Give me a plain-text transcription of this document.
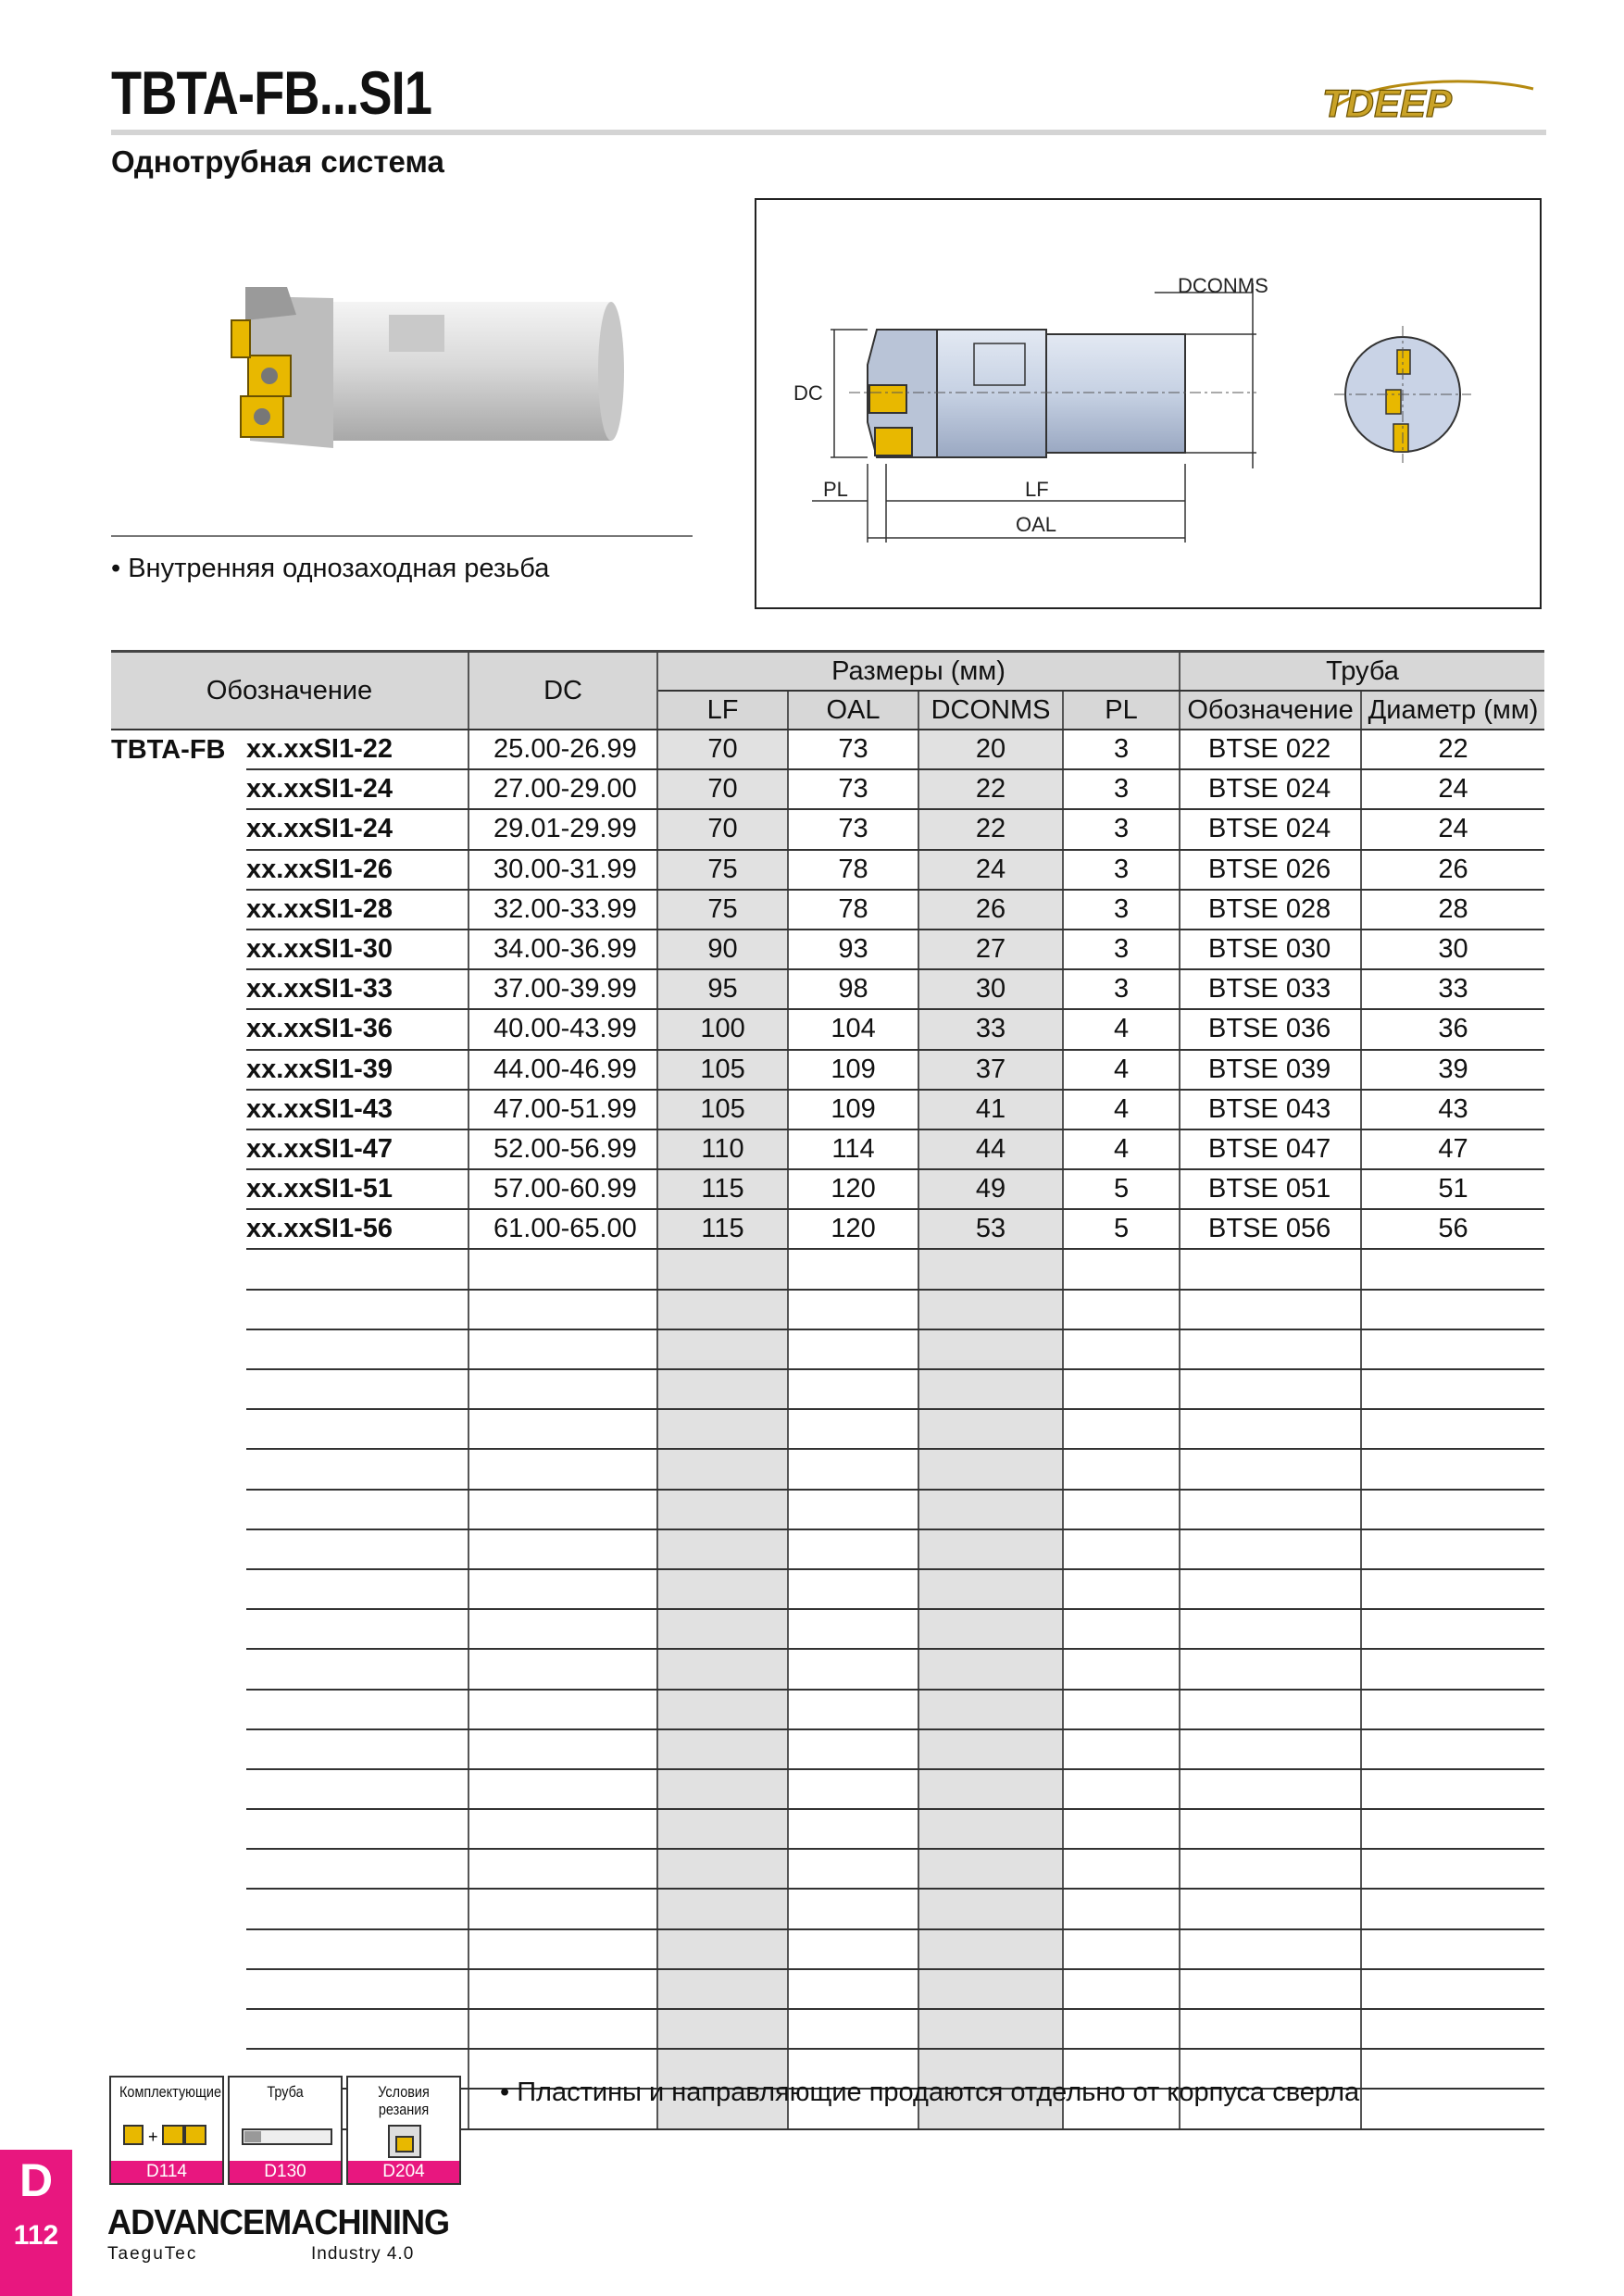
TBTA-FB...SI1
Однотрубная система
TDEEP
• Внутренняя однозаходная резьба
DCONMS
DC
PL	LF
OAL
Обозначение		DC	Размеры (мм)				Труба	
			LF	OAL	DCONMS	PL	Обозначение	Диаметр (мм)
TBTA-FB	xx.xxSI1-22	25.00-26.99	70	73	20	3	BTSE 022	22
	xx.xxSI1-24	27.00-29.00	70	73	22	3	BTSE 024	24
	xx.xxSI1-24	29.01-29.99	70	73	22	3	BTSE 024	24
	xx.xxSI1-26	30.00-31.99	75	78	24	3	BTSE 026	26
	xx.xxSI1-28	32.00-33.99	75	78	26	3	BTSE 028	28
	xx.xxSI1-30	34.00-36.99	90	93	27	3	BTSE 030	30
	xx.xxSI1-33	37.00-39.99	95	98	30	3	BTSE 033	33
	xx.xxSI1-36	40.00-43.99	100	104	33	4	BTSE 036	36
	xx.xxSI1-39	44.00-46.99	105	109	37	4	BTSE 039	39
	xx.xxSI1-43	47.00-51.99	105	109	41	4	BTSE 043	43
	xx.xxSI1-47	52.00-56.99	110	114	44	4	BTSE 047	47
	xx.xxSI1-51	57.00-60.99	115	120	49	5	BTSE 051	51
	xx.xxSI1-56	61.00-65.00	115	120	53	5	BTSE 056	56

Комплектующие
+
D114
Труба
D130
Условия резания
D204
• Пластины и направляющие продаются отдельно от корпуса сверла
D
112	ADVANCEMACHINING
TaeguTec	Industry 4.0
